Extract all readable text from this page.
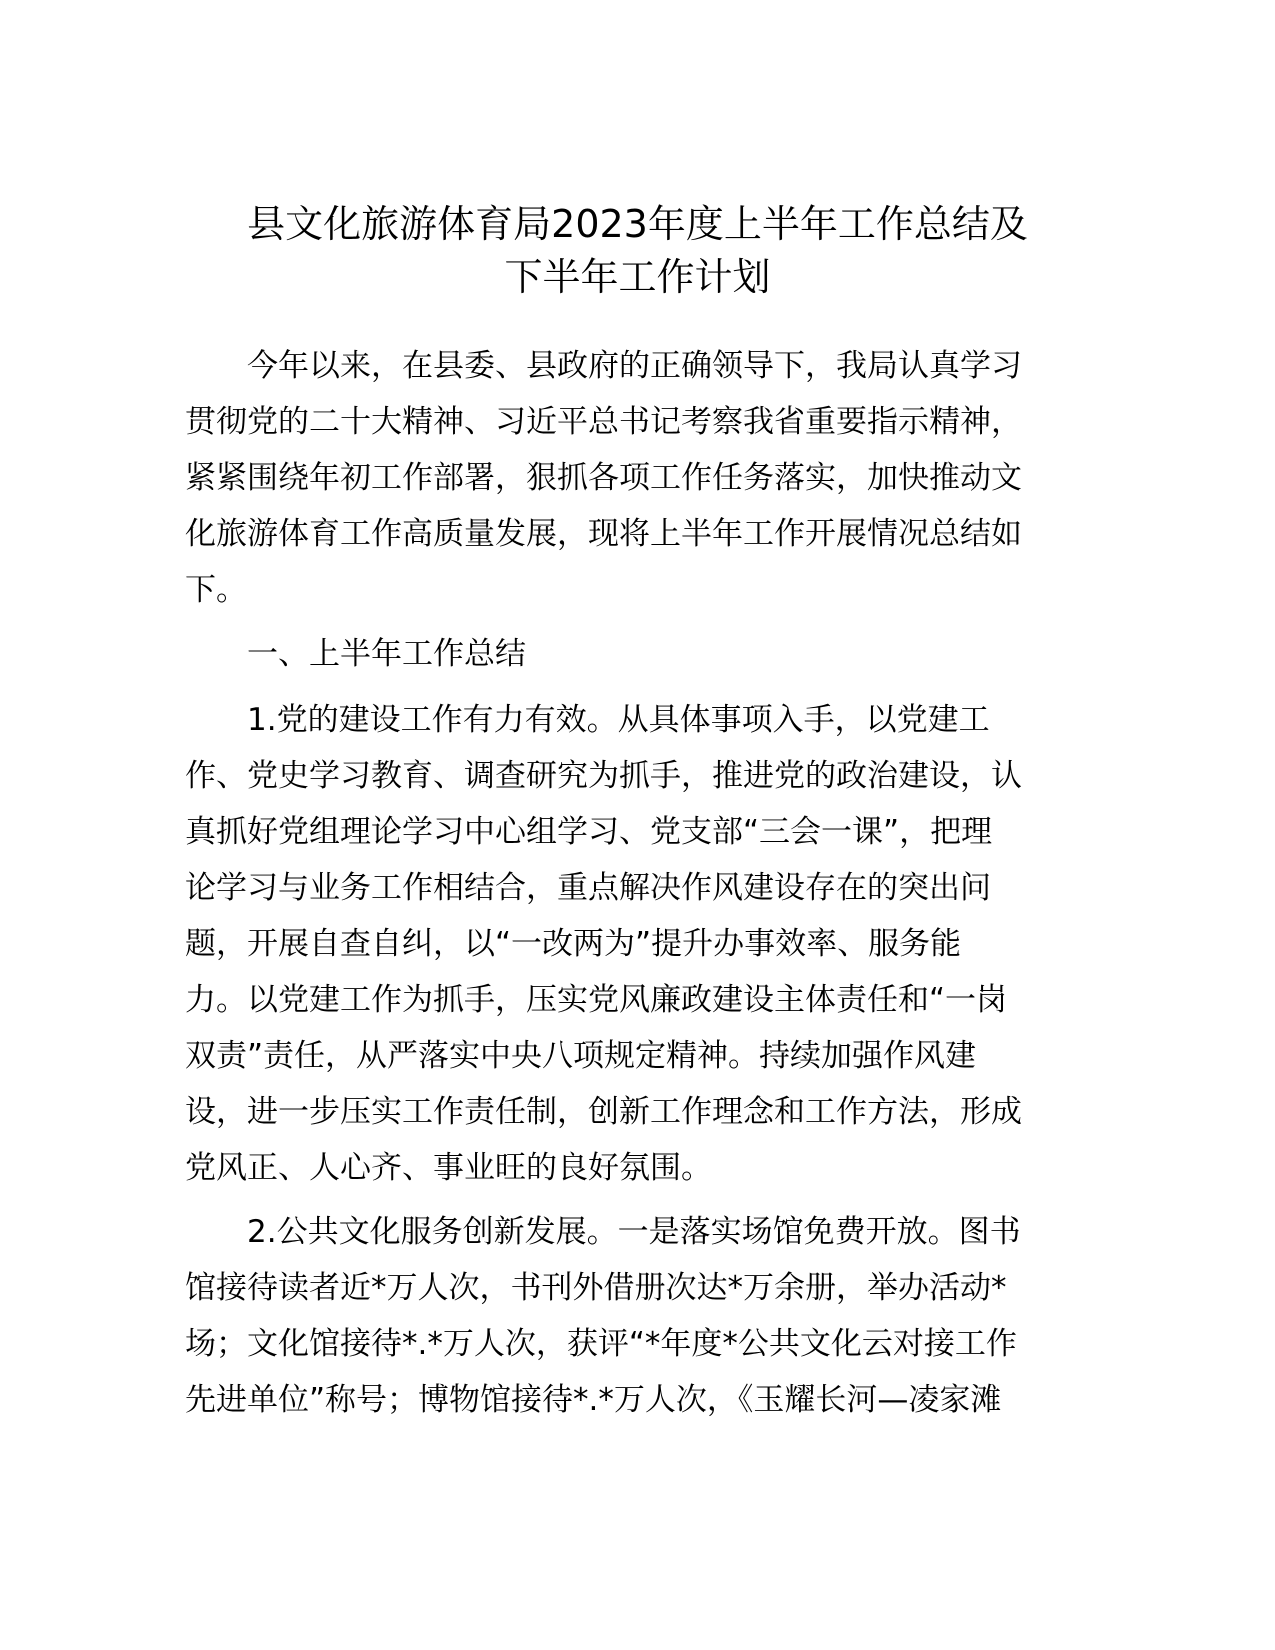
县文化旅游体育局2023年度上半年工作总结及
下半年工作计划

　　今年以来，在县委、县政府的正确领导下，我局认真学习

贯彻党的二十大精神、习近平总书记考察我省重要指示精神，

紧紧围绕年初工作部署，狠抓各项工作任务落实，加快推动文

化旅游体育工作高质量发展，现将上半年工作开展情况总结如

下。

　　一、上半年工作总结

　　1.党的建设工作有力有效。从具体事项入手，以党建工

作、党史学习教育、调查研究为抓手，推进党的政治建设，认

真抓好党组理论学习中心组学习、党支部“三会一课”，把理

论学习与业务工作相结合，重点解决作风建设存在的突出问

题，开展自查自纠，以“一改两为”提升办事效率、服务能

力。以党建工作为抓手，压实党风廉政建设主体责任和“一岗

双责”责任，从严落实中央八项规定精神。持续加强作风建

设，进一步压实工作责任制，创新工作理念和工作方法，形成

党风正、人心齐、事业旺的良好氛围。

　　2.公共文化服务创新发展。一是落实场馆免费开放。图书

馆接待读者近*万人次，书刊外借册次达*万余册，举办活动*

场；文化馆接待*.*万人次，获评“*年度*公共文化云对接工作

先进单位”称号；博物馆接待*.*万人次，《玉耀长河—凌家滩
